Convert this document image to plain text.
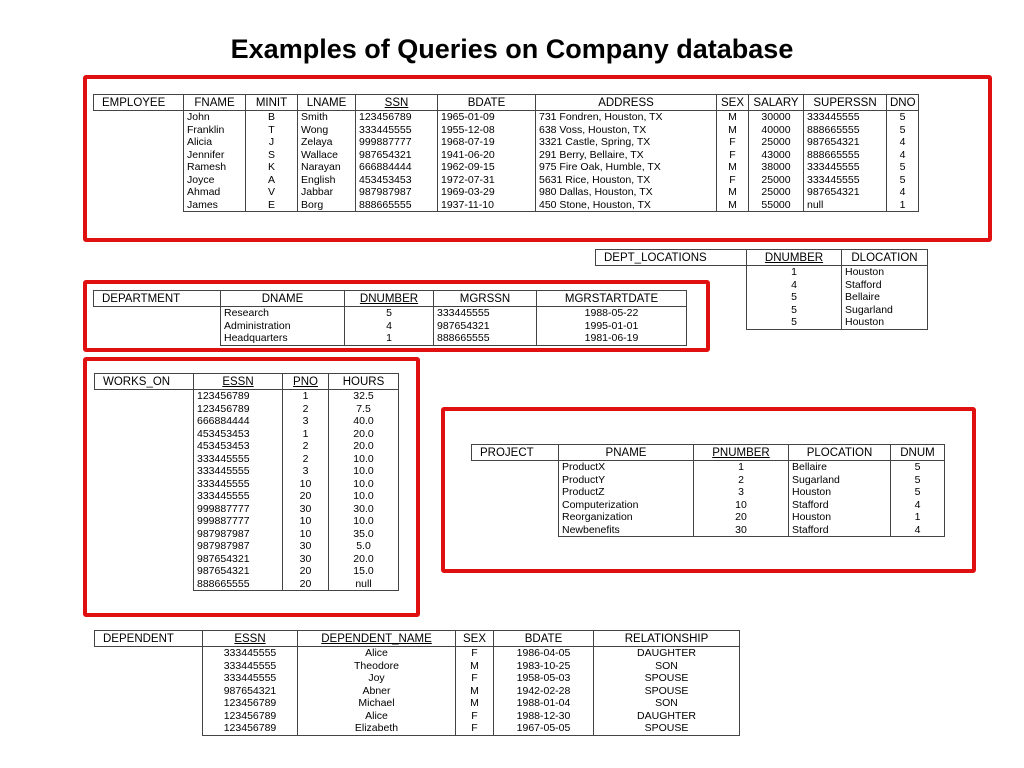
Examples of Queries on Company database
EMPLOYEE	FNAME	MINIT	LNAME	SSN	BDATE	ADDRESS	SEX	SALARY	SUPERSSN	DNO
	John	B	Smith	123456789	1965-01-09	731 Fondren, Houston, TX	M	30000	333445555	5
	Franklin	T	Wong	333445555	1955-12-08	638 Voss, Houston, TX	M	40000	888665555	5
	Alicia	J	Zelaya	999887777	1968-07-19	3321 Castle, Spring, TX	F	25000	987654321	4
	Jennifer	S	Wallace	987654321	1941-06-20	291 Berry, Bellaire, TX	F	43000	888665555	4
	Ramesh	K	Narayan	666884444	1962-09-15	975 Fire Oak, Humble, TX	M	38000	333445555	5
	Joyce	A	English	453453453	1972-07-31	5631 Rice, Houston, TX	F	25000	333445555	5
	Ahmad	V	Jabbar	987987987	1969-03-29	980 Dallas, Houston, TX	M	25000	987654321	4
	James	E	Borg	888665555	1937-11-10	450 Stone, Houston, TX	M	55000	null	1
DEPT_LOCATIONS	DNUMBER	DLOCATION
	1	Houston
	4	Stafford
	5	Bellaire
	5	Sugarland
	5	Houston
DEPARTMENT	DNAME	DNUMBER	MGRSSN	MGRSTARTDATE
	Research	5	333445555	1988-05-22
	Administration	4	987654321	1995-01-01
	Headquarters	1	888665555	1981-06-19
WORKS_ON	ESSN	PNO	HOURS
	123456789	1	32.5
	123456789	2	7.5
	666884444	3	40.0
	453453453	1	20.0
	453453453	2	20.0
	333445555	2	10.0
	333445555	3	10.0
	333445555	10	10.0
	333445555	20	10.0
	999887777	30	30.0
	999887777	10	10.0
	987987987	10	35.0
	987987987	30	5.0
	987654321	30	20.0
	987654321	20	15.0
	888665555	20	null
PROJECT	PNAME	PNUMBER	PLOCATION	DNUM
	ProductX	1	Bellaire	5
	ProductY	2	Sugarland	5
	ProductZ	3	Houston	5
	Computerization	10	Stafford	4
	Reorganization	20	Houston	1
	Newbenefits	30	Stafford	4
DEPENDENT	ESSN	DEPENDENT_NAME	SEX	BDATE	RELATIONSHIP
	333445555	Alice	F	1986-04-05	DAUGHTER
	333445555	Theodore	M	1983-10-25	SON
	333445555	Joy	F	1958-05-03	SPOUSE
	987654321	Abner	M	1942-02-28	SPOUSE
	123456789	Michael	M	1988-01-04	SON
	123456789	Alice	F	1988-12-30	DAUGHTER
	123456789	Elizabeth	F	1967-05-05	SPOUSE
